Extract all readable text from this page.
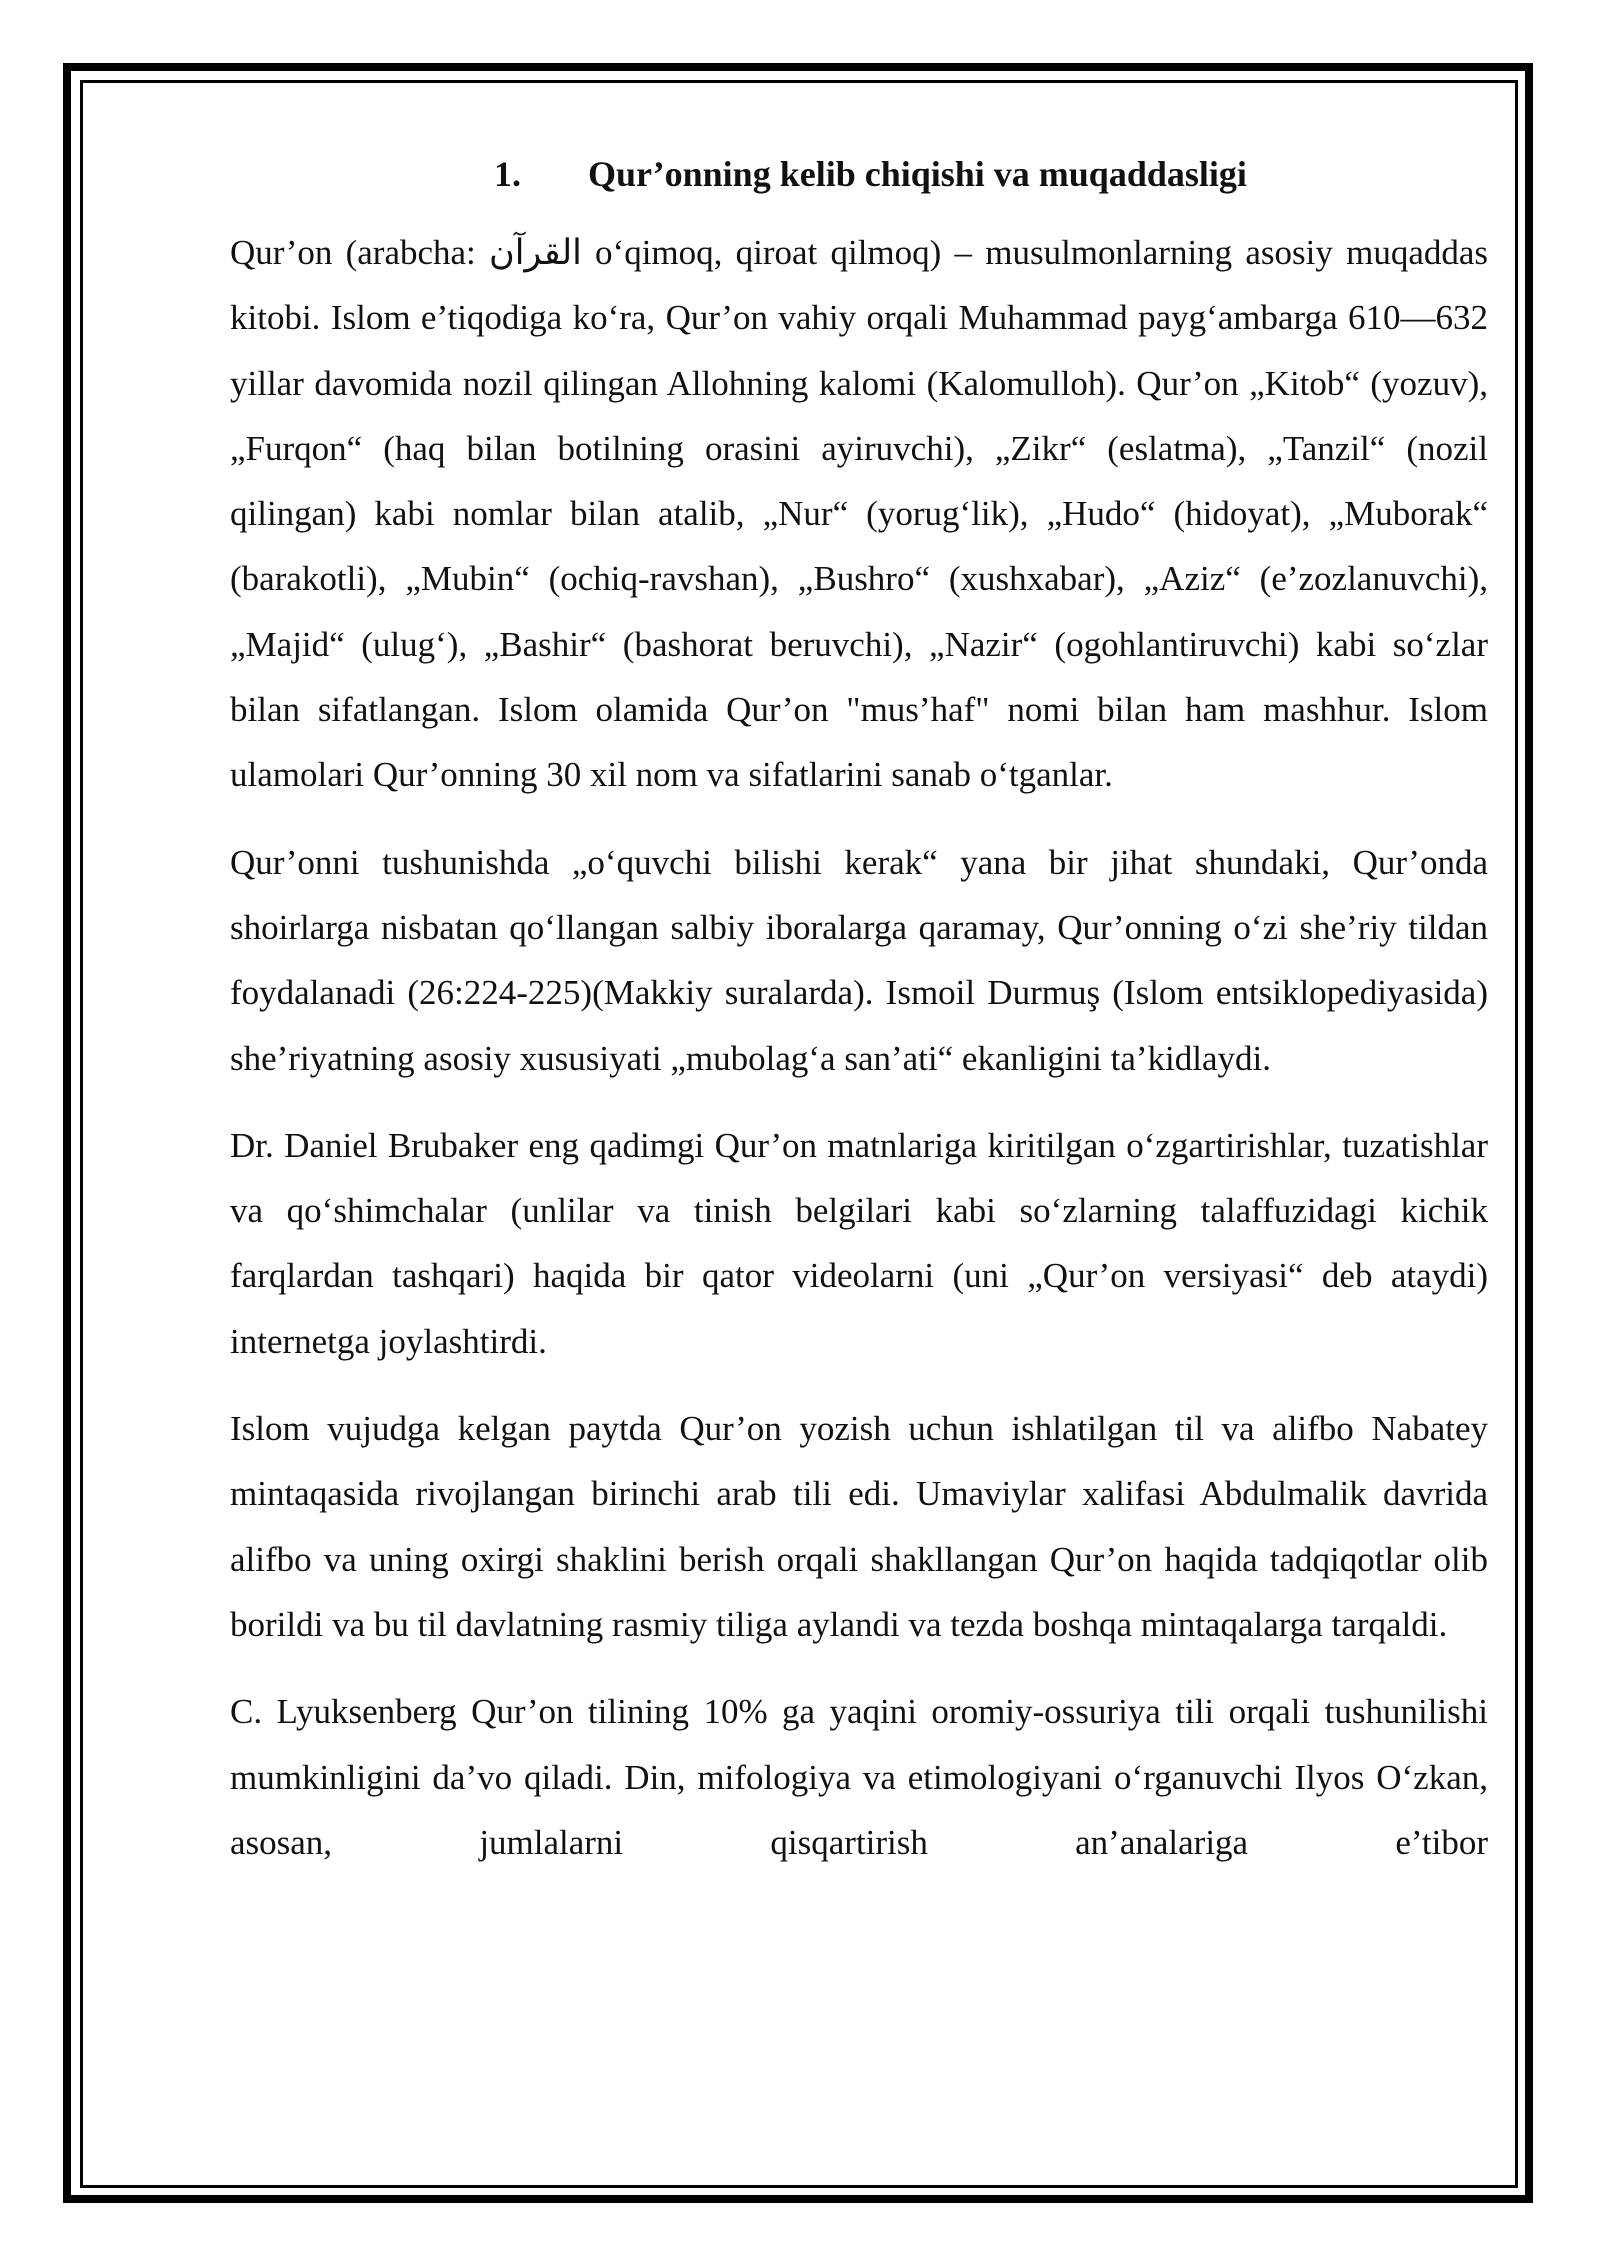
1. Qur’onning kelib chiqishi va muqaddasligi

Qur’on (arabcha: القرآن o‘qimoq, qiroat qilmoq) – musulmonlarning asosiy muqaddas kitobi. Islom e’tiqodiga ko‘ra, Qur’on vahiy orqali Muhammad payg‘ambarga 610—632 yillar davomida nozil qilingan Allohning kalomi (Kalomulloh). Qur’on „Kitob“ (yozuv), „Furqon“ (haq bilan botilning orasini ayiruvchi), „Zikr“ (eslatma), „Tanzil“ (nozil qilingan) kabi nomlar bilan atalib, „Nur“ (yorug‘lik), „Hudo“ (hidoyat), „Muborak“ (barakotli), „Mubin“ (ochiq-ravshan), „Bushro“ (xushxabar), „Aziz“ (e’zozlanuvchi), „Majid“ (ulug‘), „Bashir“ (bashorat beruvchi), „Nazir“ (ogohlantiruvchi) kabi so‘zlar bilan sifatlangan. Islom olamida Qur’on "mus’haf" nomi bilan ham mashhur. Islom ulamolari Qur’onning 30 xil nom va sifatlarini sanab o‘tganlar.

Qur’onni tushunishda „o‘quvchi bilishi kerak“ yana bir jihat shundaki, Qur’onda shoirlarga nisbatan qo‘llangan salbiy iboralarga qaramay, Qur’onning o‘zi she’riy tildan foydalanadi (26:224-225)(Makkiy suralarda). Ismoil Durmuş (Islom entsiklopediyasida) she’riyatning asosiy xususiyati „mubolag‘a san’ati“ ekanligini ta’kidlaydi.

Dr. Daniel Brubaker eng qadimgi Qur’on matnlariga kiritilgan o‘zgartirishlar, tuzatishlar va qo‘shimchalar (unlilar va tinish belgilari kabi so‘zlarning talaffuzidagi kichik farqlardan tashqari) haqida bir qator videolarni (uni „Qur’on versiyasi“ deb ataydi) internetga joylashtirdi.

Islom vujudga kelgan paytda Qur’on yozish uchun ishlatilgan til va alifbo Nabatey mintaqasida rivojlangan birinchi arab tili edi. Umaviylar xalifasi Abdulmalik davrida alifbo va uning oxirgi shaklini berish orqali shakllangan Qur’on haqida tadqiqotlar olib borildi va bu til davlatning rasmiy tiliga aylandi va tezda boshqa mintaqalarga tarqaldi.

C. Lyuksenberg Qur’on tilining 10% ga yaqini oromiy-ossuriya tili orqali tushunilishi mumkinligini da’vo qiladi. Din, mifologiya va etimologiyani o‘rganuvchi Ilyos O‘zkan, asosan, jumlalarni qisqartirish an’analariga e’tibor
